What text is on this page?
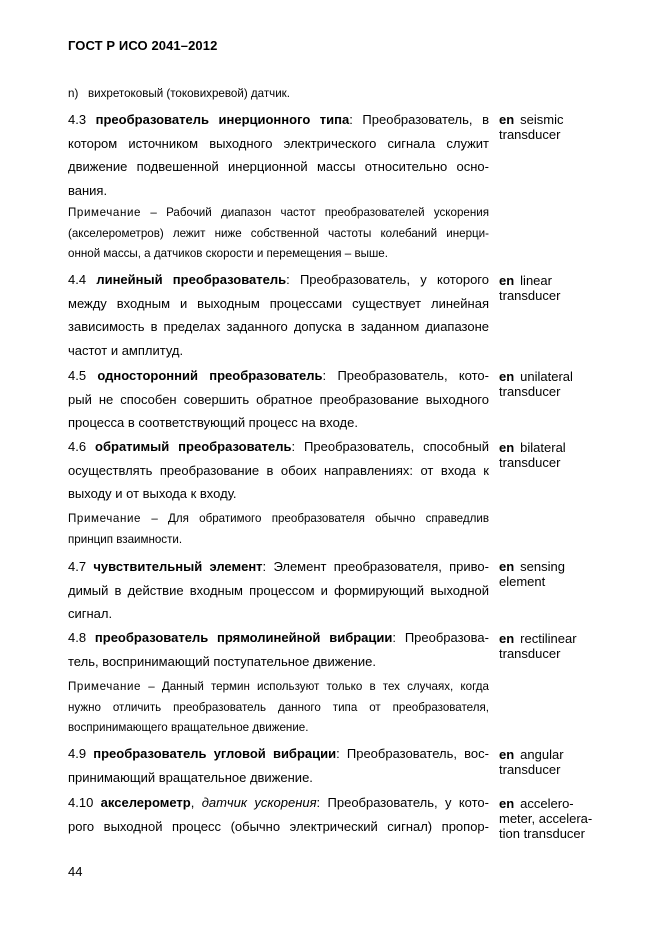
ГОСТ Р ИСО 2041–2012
n) вихретоковый (токовихревой) датчик.
4.3 преобразователь инерционного типа: Преобразователь, в
котором источником выходного электрического сигнала служит
движение подвешенной инерционной массы относительно осно-
вания.
en seismic
transducer
Примечание – Рабочий диапазон частот преобразователей ускорения
(акселерометров) лежит ниже собственной частоты колебаний инерци-
онной массы, а датчиков скорости и перемещения – выше.
4.4 линейный преобразователь: Преобразователь, у которого
между входным и выходным процессами существует линейная
зависимость в пределах заданного допуска в заданном диапазоне
частот и амплитуд.
en linear
transducer
4.5 односторонний преобразователь: Преобразователь, кото-
рый не способен совершить обратное преобразование выходного
процесса в соответствующий процесс на входе.
en unilateral
transducer
4.6 обратимый преобразователь: Преобразователь, способный
осуществлять преобразование в обоих направлениях: от входа к
выходу и от выхода к входу.
en bilateral
transducer
Примечание – Для обратимого преобразователя обычно справедлив
принцип взаимности.
4.7 чувствительный элемент: Элемент преобразователя, приво-
димый в действие входным процессом и формирующий выходной
сигнал.
en sensing
element
4.8 преобразователь прямолинейной вибрации: Преобразова-
тель, воспринимающий поступательное движение.
en rectilinear
transducer
Примечание – Данный термин используют только в тех случаях, когда
нужно отличить преобразователь данного типа от преобразователя,
воспринимающего вращательное движение.
4.9 преобразователь угловой вибрации: Преобразователь, вос-
принимающий вращательное движение.
en angular
transducer
4.10 акселерометр, датчик ускорения: Преобразователь, у кото-
рого выходной процесс (обычно электрический сигнал) пропор-
en accelero-
meter, accelera-
tion transducer
44
